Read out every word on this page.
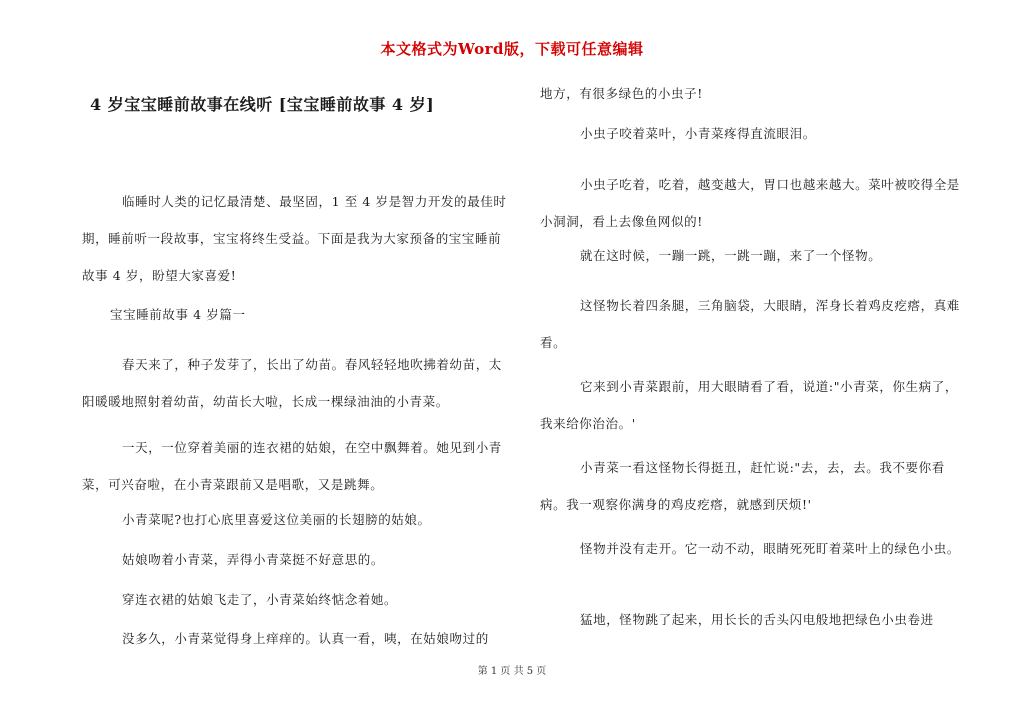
本文格式为Word版，下载可任意编辑
4 岁宝宝睡前故事在线听 [宝宝睡前故事 4 岁]

临睡时人类的记忆最清楚、最坚固，1 至 4 岁是智力开发的最佳时期，睡前听一段故事，宝宝将终生受益。下面是我为大家预备的宝宝睡前故事 4 岁，盼望大家喜爱!

宝宝睡前故事 4 岁篇一

春天来了，种子发芽了，长出了幼苗。春风轻轻地吹拂着幼苗，太阳暖暖地照射着幼苗，幼苗长大啦，长成一棵绿油油的小青菜。

一天，一位穿着美丽的连衣裙的姑娘，在空中飘舞着。她见到小青菜，可兴奋啦，在小青菜跟前又是唱歌，又是跳舞。

小青菜呢?也打心底里喜爱这位美丽的长翅膀的姑娘。

姑娘吻着小青菜，弄得小青菜挺不好意思的。

穿连衣裙的姑娘飞走了，小青菜始终惦念着她。

没多久，小青菜觉得身上痒痒的。认真一看，咦，在姑娘吻过的

地方，有很多绿色的小虫子!

小虫子咬着菜叶，小青菜疼得直流眼泪。

小虫子吃着，吃着，越变越大，胃口也越来越大。菜叶被咬得全是小洞洞，看上去像鱼网似的!

就在这时候，一蹦一跳，一跳一蹦，来了一个怪物。

这怪物长着四条腿，三角脑袋，大眼睛，浑身长着鸡皮疙瘩，真难看。

它来到小青菜跟前，用大眼睛看了看，说道:"小青菜，你生病了，我来给你治治。'

小青菜一看这怪物长得挺丑，赶忙说:"去，去，去。我不要你看病。我一观察你满身的鸡皮疙瘩，就感到厌烦!'

怪物并没有走开。它一动不动，眼睛死死盯着菜叶上的绿色小虫。

猛地，怪物跳了起来，用长长的舌头闪电般地把绿色小虫卷进

第 1 页 共 5 页
